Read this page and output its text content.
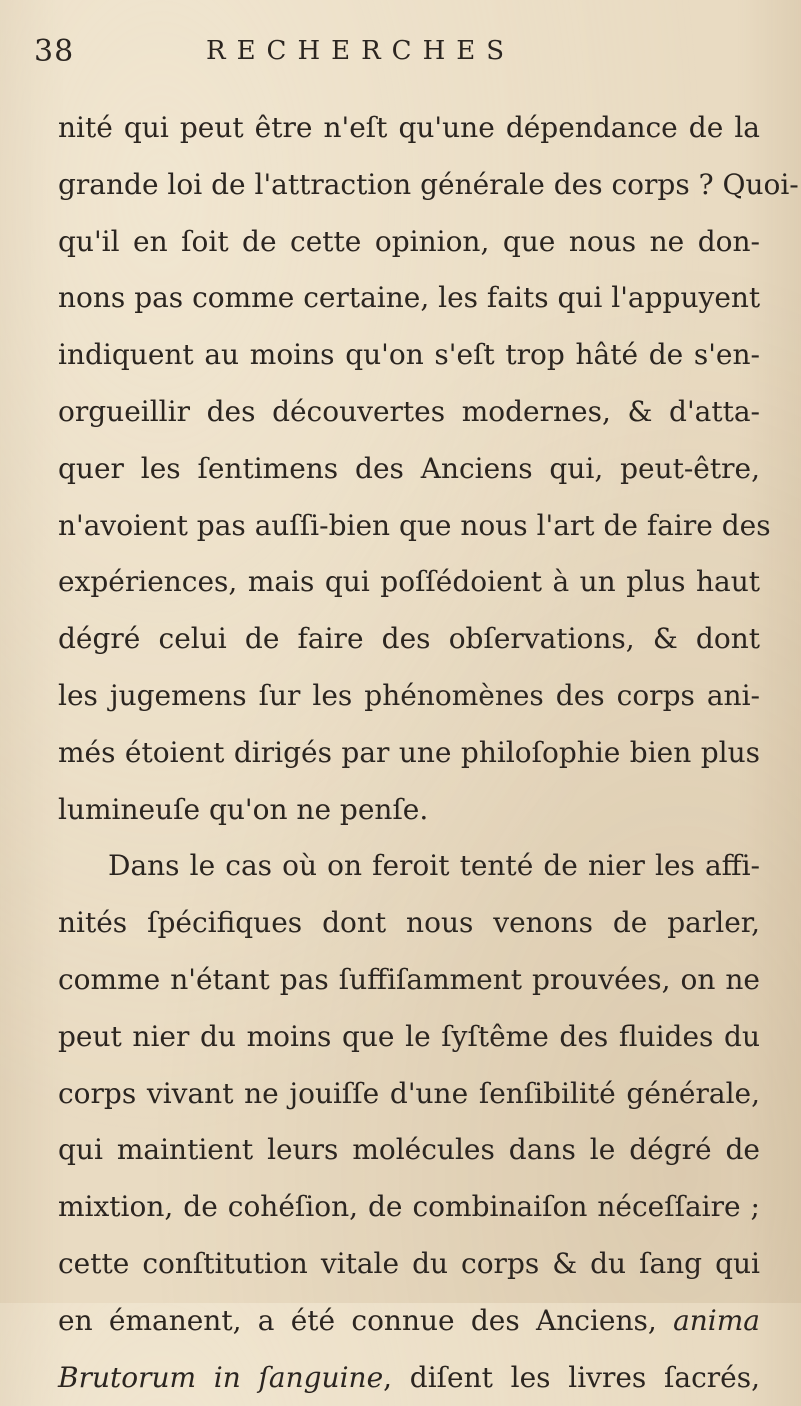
38	RECHERCHES
nité qui peut être n'eſt qu'une dépendance de la
grande loi de l'attraction générale des corps ? Quoi-
qu'il en ſoit de cette opinion, que nous ne don-
nons pas comme certaine, les faits qui l'appuyent
indiquent au moins qu'on s'eſt trop hâté de s'en-
orgueillir des découvertes modernes, & d'atta-
quer les ſentimens des Anciens qui, peut-être,
n'avoient pas auſſi-bien que nous l'art de faire des
expériences, mais qui poſſédoient à un plus haut
dégré celui de faire des obſervations, & dont
les jugemens ſur les phénomènes des corps ani-
més étoient dirigés par une philoſophie bien plus
lumineuſe qu'on ne penſe.
Dans le cas où on feroit tenté de nier les affi-
nités ſpécifiques dont nous venons de parler,
comme n'étant pas ſuffiſamment prouvées, on ne
peut nier du moins que le ſyſtême des fluides du
corps vivant ne jouiſſe d'une ſenſibilité générale,
qui maintient leurs molécules dans le dégré de
mixtion, de cohéſion, de combinaiſon néceſſaire ;
cette conſtitution vitale du corps & du ſang qui
en émanent, a été connue des Anciens, anima
Brutorum in ſanguine, diſent les livres ſacrés,
